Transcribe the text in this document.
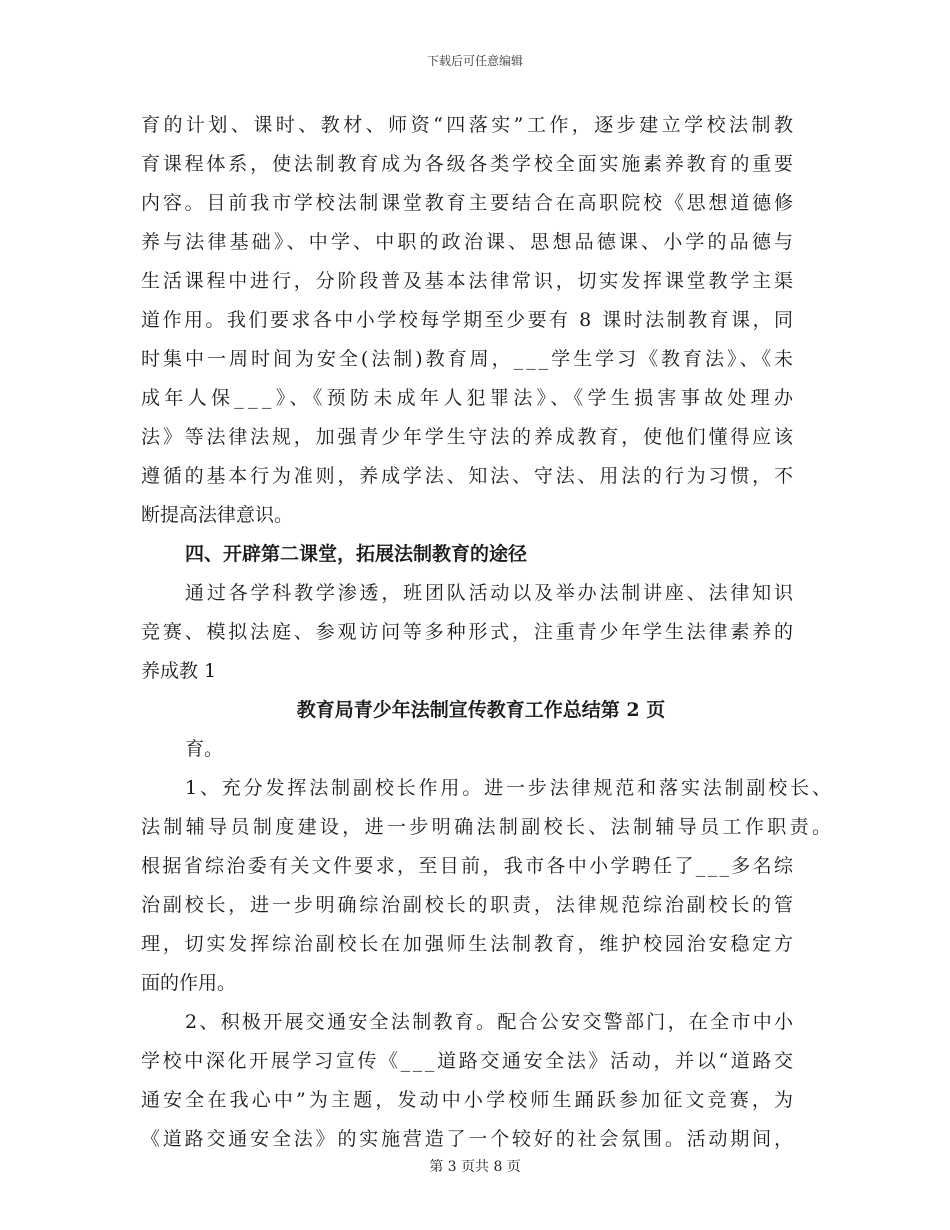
下载后可任意编辑
育的计划、课时、教材、师资“四落实”工作，逐步建立学校法制教
育课程体系，使法制教育成为各级各类学校全面实施素养教育的重要
内容。目前我市学校法制课堂教育主要结合在高职院校《思想道德修
养与法律基础》、中学、中职的政治课、思想品德课、小学的品德与
生活课程中进行，分阶段普及基本法律常识，切实发挥课堂教学主渠
道作用。我们要求各中小学校每学期至少要有 8 课时法制教育课，同
时集中一周时间为安全(法制)教育周，___学生学习《教育法》、《未
成年人保___》、《预防未成年人犯罪法》、《学生损害事故处理办
法》等法律法规，加强青少年学生守法的养成教育，使他们懂得应该
遵循的基本行为准则，养成学法、知法、守法、用法的行为习惯，不
断提高法律意识。
四、开辟第二课堂，拓展法制教育的途径
通过各学科教学渗透，班团队活动以及举办法制讲座、法律知识
竞赛、模拟法庭、参观访问等多种形式，注重青少年学生法律素养的
养成教 1
教育局青少年法制宣传教育工作总结第 2 页
育。
1、充分发挥法制副校长作用。进一步法律规范和落实法制副校长、
法制辅导员制度建设，进一步明确法制副校长、法制辅导员工作职责。
根据省综治委有关文件要求，至目前，我市各中小学聘任了___多名综
治副校长，进一步明确综治副校长的职责，法律规范综治副校长的管
理，切实发挥综治副校长在加强师生法制教育，维护校园治安稳定方
面的作用。
2、积极开展交通安全法制教育。配合公安交警部门，在全市中小
学校中深化开展学习宣传《___道路交通安全法》活动，并以“道路交
通安全在我心中”为主题，发动中小学校师生踊跃参加征文竞赛，为
《道路交通安全法》的实施营造了一个较好的社会氛围。活动期间，
第 3 页共 8 页
